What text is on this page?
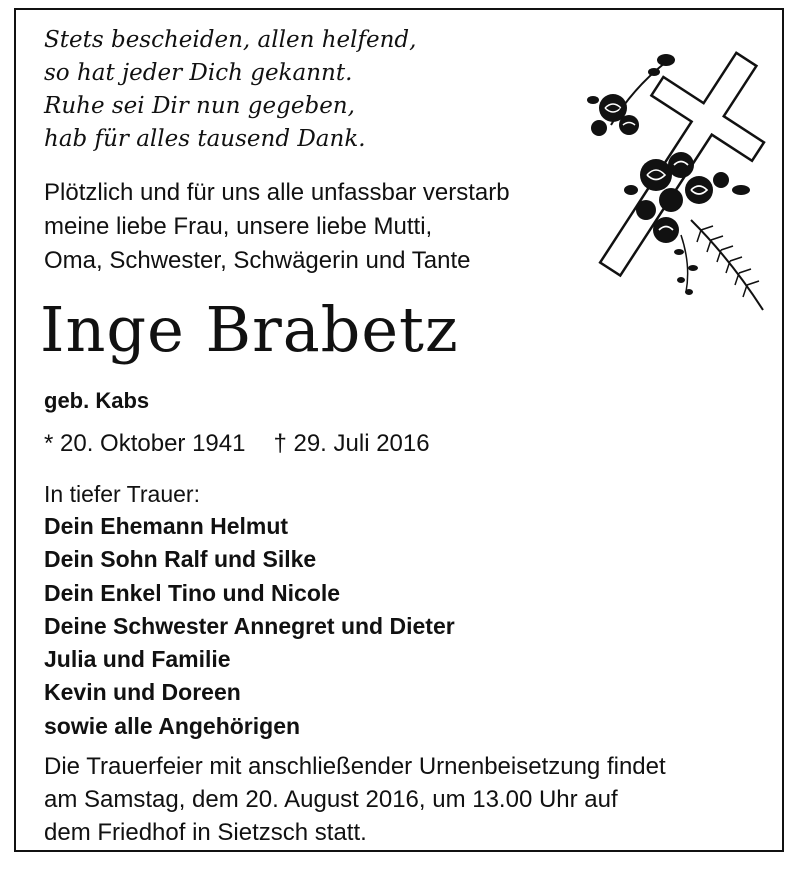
Stets bescheiden, allen helfend,
so hat jeder Dich gekannt.
Ruhe sei Dir nun gegeben,
hab für alles tausend Dank.
Plötzlich und für uns alle unfassbar verstarb
meine liebe Frau, unsere liebe Mutti,
Oma, Schwester, Schwägerin und Tante
Inge Brabetz
geb. Kabs
* 20. Oktober 1941 † 29. Juli 2016
In tiefer Trauer:
Dein Ehemann Helmut
Dein Sohn Ralf und Silke
Dein Enkel Tino und Nicole
Deine Schwester Annegret und Dieter
Julia und Familie
Kevin und Doreen
sowie alle Angehörigen
Die Trauerfeier mit anschließender Urnenbeisetzung findet
am Samstag, dem 20. August 2016, um 13.00 Uhr auf
dem Friedhof in Sietzsch statt.
